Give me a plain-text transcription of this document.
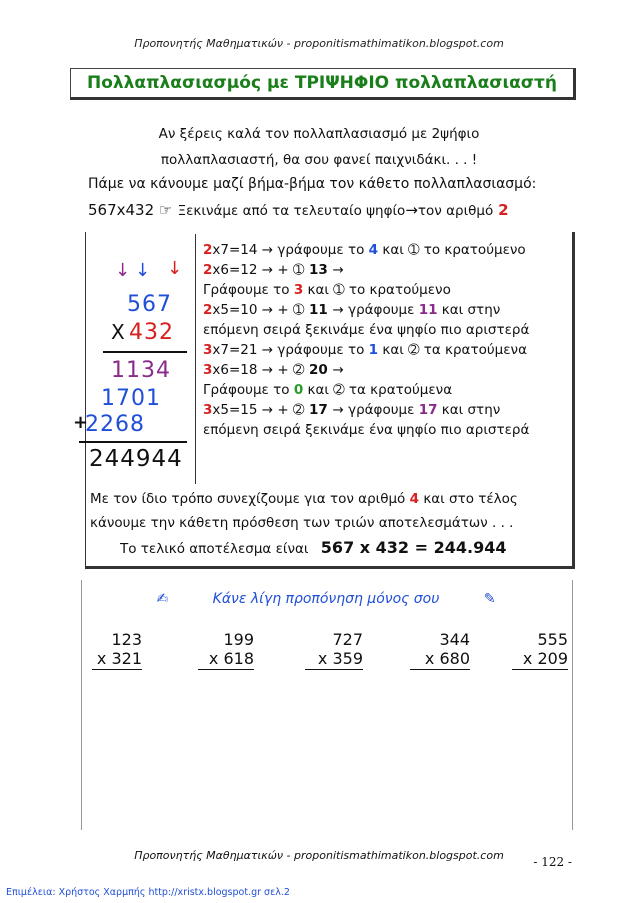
Προπονητής Μαθηματικών - proponitismathimatikon.blogspot.com
Πολλαπλασιασμός με ΤΡΙΨΗΦΙΟ πολλαπλασιαστή
Αν ξέρεις καλά τον πολλαπλασιασμό με 2ψήφιο
πολλαπλασιαστή, θα σου φανεί παιχνιδάκι. . . !
Πάμε να κάνουμε μαζί βήμα-βήμα τον κάθετο πολλαπλασιασμό:
567x432 ☞ Ξεκινάμε από τα τελευταίο ψηφίο→τον αριθμό 2
↓ ↓ ↓
567
X 432
1134
1701
+
2268
244944
2x7=14 → γράφουμε το 4 και ➀ το κρατούμενο
2x6=12 → + ➀ 13 →
Γράφουμε το 3 και ➀ το κρατούμενο
2x5=10 → + ➀ 11 → γράφουμε 11 και στην
επόμενη σειρά ξεκινάμε ένα ψηφίο πιο αριστερά
3x7=21 → γράφουμε το 1 και ➁ τα κρατούμενα
3x6=18 → + ➁ 20 →
Γράφουμε το 0 και ➁ τα κρατούμενα
3x5=15 → + ➁ 17 → γράφουμε 17 και στην
επόμενη σειρά ξεκινάμε ένα ψηφίο πιο αριστερά
Με τον ίδιο τρόπο συνεχίζουμε για τον αριθμό 4 και στο τέλος
κάνουμε την κάθετη πρόσθεση των τριών αποτελεσμάτων . . .
Το τελικό αποτέλεσμα είναι 567 x 432 = 244.944
✍	Κάνε λίγη προπόνηση μόνος σου	✎
123
x 321
199
x 618
727
x 359
344
x 680
555
x 209
Προπονητής Μαθηματικών - proponitismathimatikon.blogspot.com	- 122 -
Επιμέλεια: Χρήστος Χαρμπής http://xristx.blogspot.gr σελ.2
